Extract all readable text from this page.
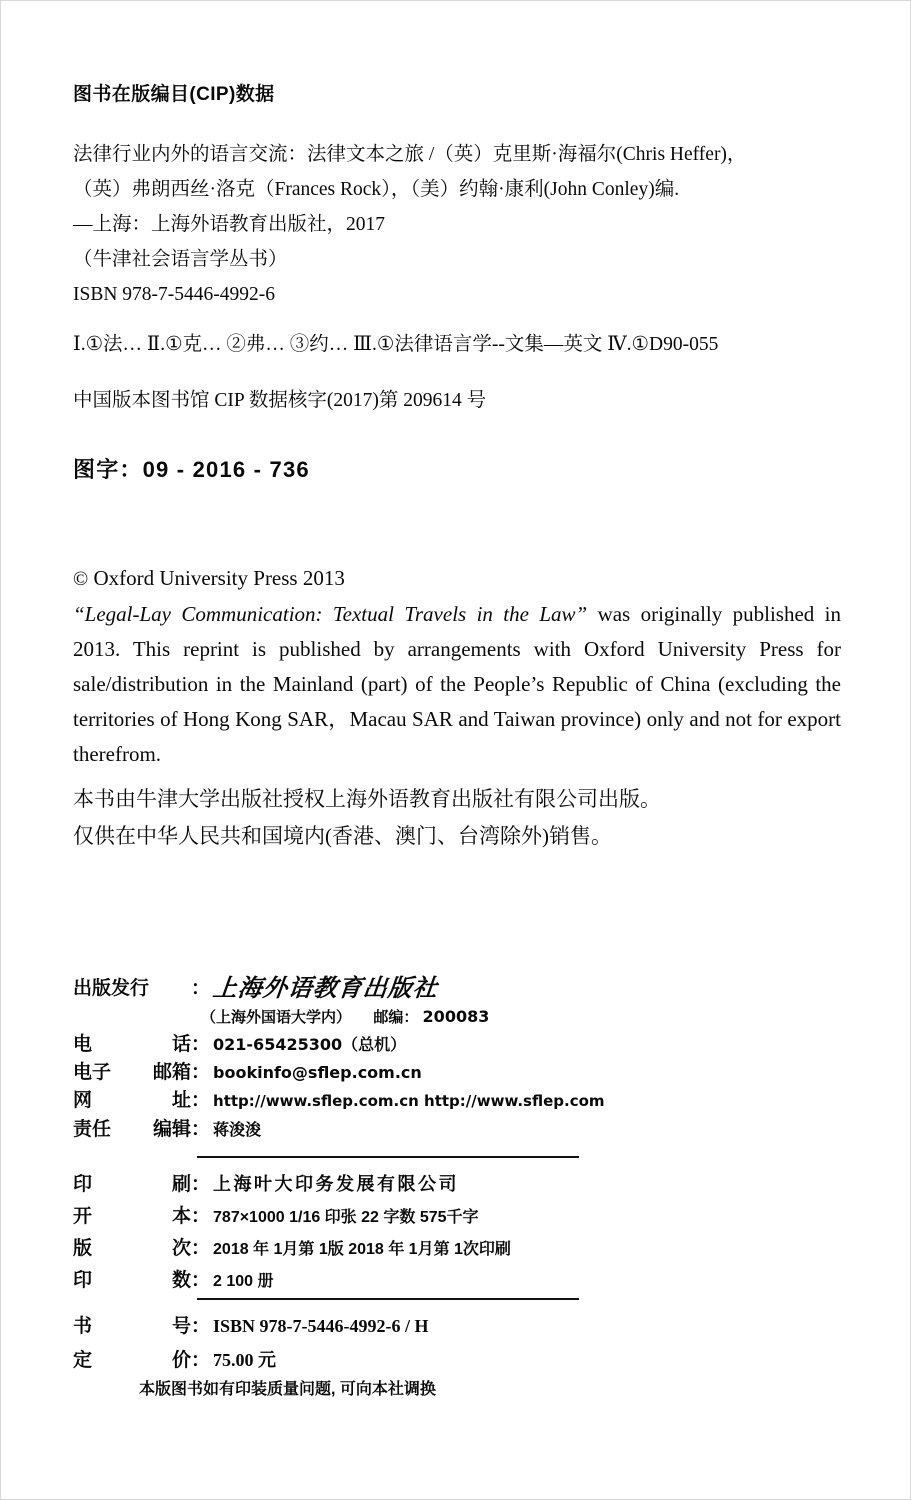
图书在版编目(CIP)数据
法律行业内外的语言交流：法律文本之旅 /（英）克里斯·海福尔(Chris Heffer)，
（英）弗朗西丝·洛克（Frances Rock），（美）约翰·康利(John Conley)编.
—上海：上海外语教育出版社，2017
（牛津社会语言学丛书）
ISBN 978-7-5446-4992-6
Ⅰ.①法… Ⅱ.①克… ②弗… ③约… Ⅲ.①法律语言学--文集—英文 Ⅳ.①D90-055
中国版本图书馆 CIP 数据核字(2017)第 209614 号
图字：09 - 2016 - 736
© Oxford University Press 2013

“Legal-Lay Communication: Textual Travels in the Law” was originally published in 2013. This reprint is published by arrangements with Oxford University Press for sale/distribution in the Mainland (part) of the People’s Republic of China (excluding the territories of Hong Kong SAR，Macau SAR and Taiwan province) only and not for export therefrom.

本书由牛津大学出版社授权上海外语教育出版社有限公司出版。
仅供在中华人民共和国境内(香港、澳门、台湾除外)销售。
出版发行 ： 上海外语教育出版社
（上海外国语大学内） 邮编： 200083
电	话 ： 021-65425300（总机）
电子 邮箱 ： bookinfo@sflep.com.cn
网	址 ： http://www.sflep.com.cn http://www.sflep.com
责任 编辑 ： 蒋浚浚
印	刷 ： 上海叶大印务发展有限公司
开	本 ： 787×1000 1/16 印张 22 字数 575千字
版	次 ： 2018 年 1月第 1版 2018 年 1月第 1次印刷
印	数 ： 2 100 册
书	号 ： ISBN 978-7-5446-4992-6 / H
定	价 ： 75.00 元
本版图书如有印装质量问题, 可向本社调换
